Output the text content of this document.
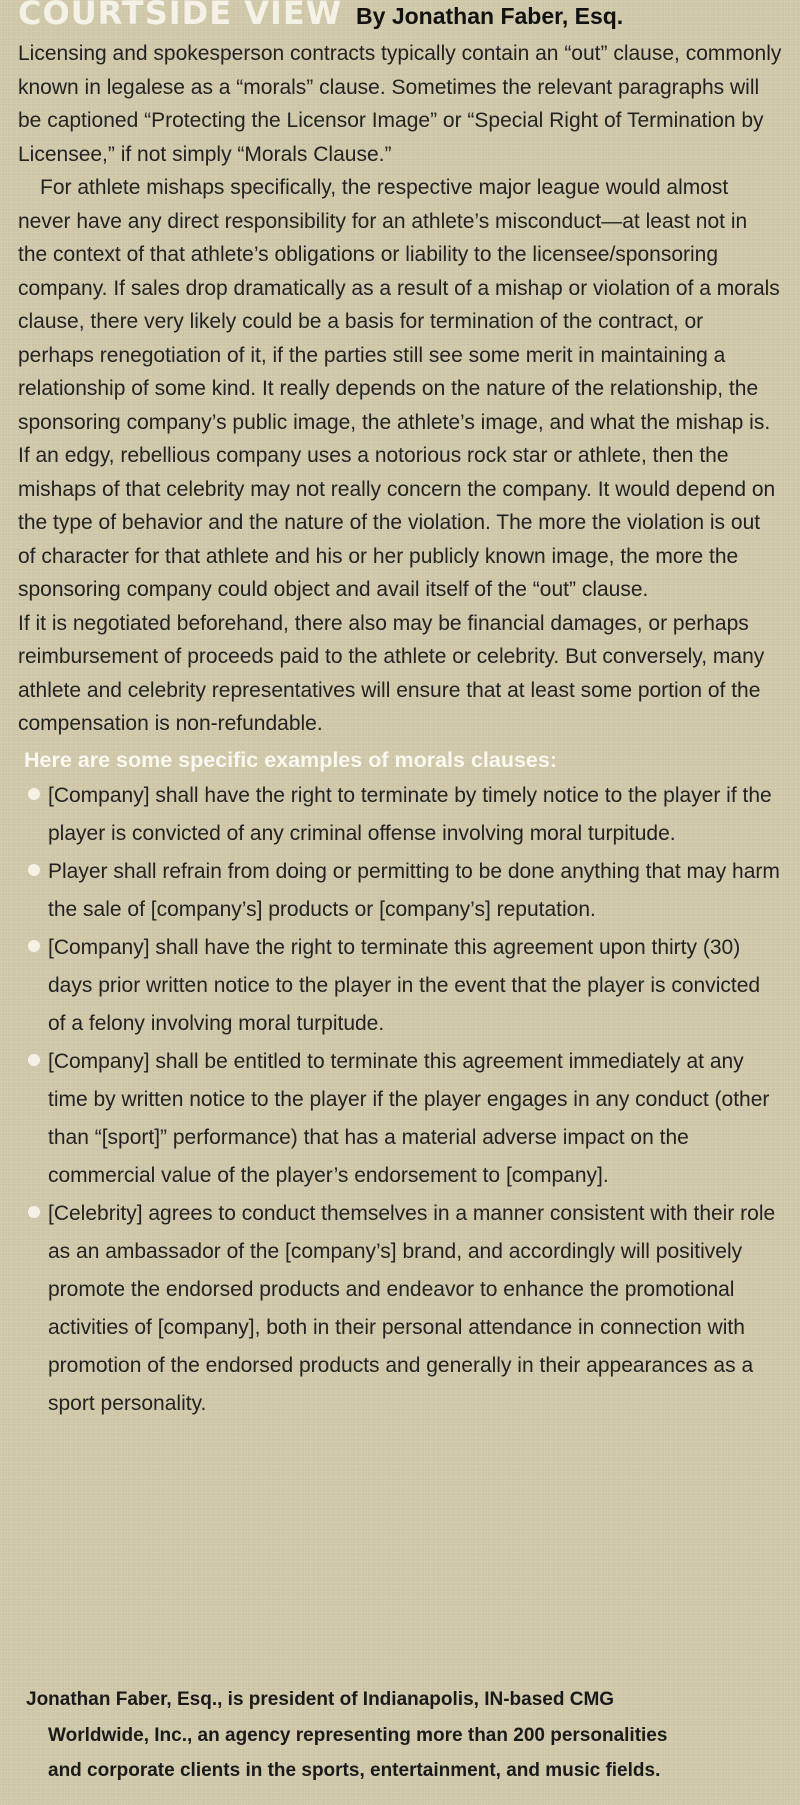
COURTSIDE VIEW By Jonathan Faber, Esq.

Licensing and spokesperson contracts typically contain an “out” clause, commonly known in legalese as a “morals” clause. Sometimes the relevant paragraphs will be captioned “Protecting the Licensor Image” or “Special Right of Termination by Licensee,” if not simply “Morals Clause.”

For athlete mishaps specifically, the respective major league would almost never have any direct responsibility for an athlete’s misconduct—at least not in the context of that athlete’s obligations or liability to the licensee/sponsoring company. If sales drop dramatically as a result of a mishap or violation of a morals clause, there very likely could be a basis for termination of the contract, or perhaps renegotiation of it, if the parties still see some merit in maintaining a relationship of some kind. It really depends on the nature of the relationship, the sponsoring company’s public image, the athlete’s image, and what the mishap is. If an edgy, rebellious company uses a notorious rock star or athlete, then the mishaps of that celebrity may not really concern the company. It would depend on the type of behavior and the nature of the violation. The more the violation is out of character for that athlete and his or her publicly known image, the more the sponsoring company could object and avail itself of the “out” clause.

If it is negotiated beforehand, there also may be financial damages, or perhaps reimbursement of proceeds paid to the athlete or celebrity. But conversely, many athlete and celebrity representatives will ensure that at least some portion of the compensation is non-refundable.

Here are some specific examples of morals clauses:
[Company] shall have the right to terminate by timely notice to the player if the player is convicted of any criminal offense involving moral turpitude.
Player shall refrain from doing or permitting to be done anything that may harm the sale of [company’s] products or [company’s] reputation.
[Company] shall have the right to terminate this agreement upon thirty (30) days prior written notice to the player in the event that the player is convicted of a felony involving moral turpitude.
[Company] shall be entitled to terminate this agreement immediately at any time by written notice to the player if the player engages in any conduct (other than “[sport]” performance) that has a material adverse impact on the commercial value of the player’s endorsement to [company].
[Celebrity] agrees to conduct themselves in a manner consistent with their role as an ambassador of the [company’s] brand, and accordingly will positively promote the endorsed products and endeavor to enhance the promotional activities of [company], both in their personal attendance in connection with promotion of the endorsed products and generally in their appearances as a sport personality.
Jonathan Faber, Esq., is president of Indianapolis, IN-based CMG
Worldwide, Inc., an agency representing more than 200 personalities
and corporate clients in the sports, entertainment, and music fields.
